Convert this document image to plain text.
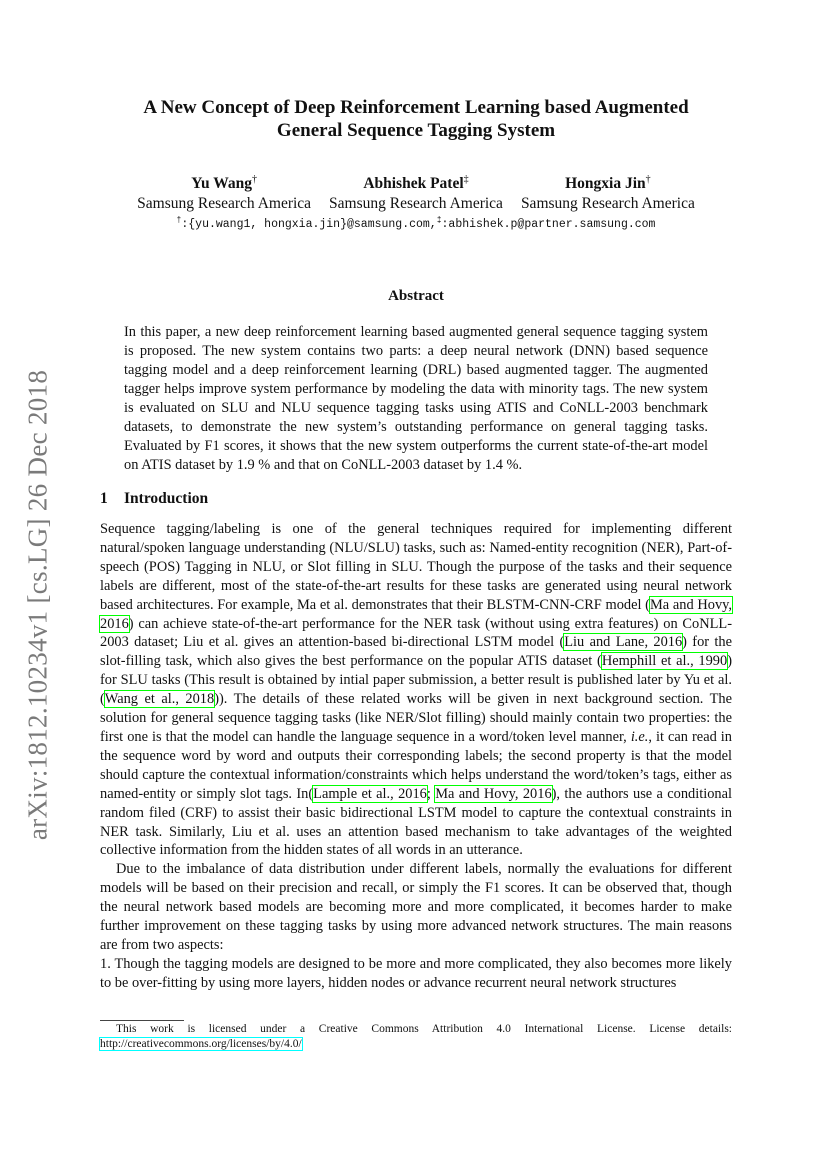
arXiv:1812.10234v1 [cs.LG] 26 Dec 2018
A New Concept of Deep Reinforcement Learning based Augmented
General Sequence Tagging System
Yu Wang†
Samsung Research America
Abhishek Patel‡
Samsung Research America
Hongxia Jin†
Samsung Research America
†:{yu.wang1, hongxia.jin}@samsung.com,‡:abhishek.p@partner.samsung.com
Abstract
In this paper, a new deep reinforcement learning based augmented general sequence tagging system is proposed. The new system contains two parts: a deep neural network (DNN) based sequence tagging model and a deep reinforcement learning (DRL) based augmented tagger. The augmented tagger helps improve system performance by modeling the data with minority tags. The new system is evaluated on SLU and NLU sequence tagging tasks using ATIS and CoNLL-2003 benchmark datasets, to demonstrate the new system’s outstanding performance on general tagging tasks. Evaluated by F1 scores, it shows that the new system outperforms the current state-of-the-art model on ATIS dataset by 1.9 % and that on CoNLL-2003 dataset by 1.4 %.
1 Introduction

Sequence tagging/labeling is one of the general techniques required for implementing different natural/spoken language understanding (NLU/SLU) tasks, such as: Named-entity recognition (NER), Part-of-speech (POS) Tagging in NLU, or Slot filling in SLU. Though the purpose of the tasks and their sequence labels are different, most of the state-of-the-art results for these tasks are generated using neural network based architectures. For example, Ma et al. demonstrates that their BLSTM-CNN-CRF model (Ma and Hovy, 2016) can achieve state-of-the-art performance for the NER task (without using extra features) on CoNLL-2003 dataset; Liu et al. gives an attention-based bi-directional LSTM model (Liu and Lane, 2016) for the slot-filling task, which also gives the best performance on the popular ATIS dataset (Hemphill et al., 1990) for SLU tasks (This result is obtained by intial paper submission, a better result is published later by Yu et al. (Wang et al., 2018)). The details of these related works will be given in next background section. The solution for general sequence tagging tasks (like NER/Slot filling) should mainly contain two properties: the first one is that the model can handle the language sequence in a word/token level manner, i.e., it can read in the sequence word by word and outputs their corresponding labels; the second property is that the model should capture the contextual information/constraints which helps understand the word/token’s tags, either as named-entity or simply slot tags. In(Lample et al., 2016; Ma and Hovy, 2016), the authors use a conditional random filed (CRF) to assist their basic bidirectional LSTM model to capture the contextual constraints in NER task. Similarly, Liu et al. uses an attention based mechanism to take advantages of the weighted collective information from the hidden states of all words in an utterance.

Due to the imbalance of data distribution under different labels, normally the evaluations for different models will be based on their precision and recall, or simply the F1 scores. It can be observed that, though the neural network based models are becoming more and more complicated, it becomes harder to make further improvement on these tagging tasks by using more advanced network structures. The main reasons are from two aspects:

1. Though the tagging models are designed to be more and more complicated, they also becomes more likely to be over-fitting by using more layers, hidden nodes or advance recurrent neural network structures

This work is licensed under a Creative Commons Attribution 4.0 International License. License details: http://creativecommons.org/licenses/by/4.0/
